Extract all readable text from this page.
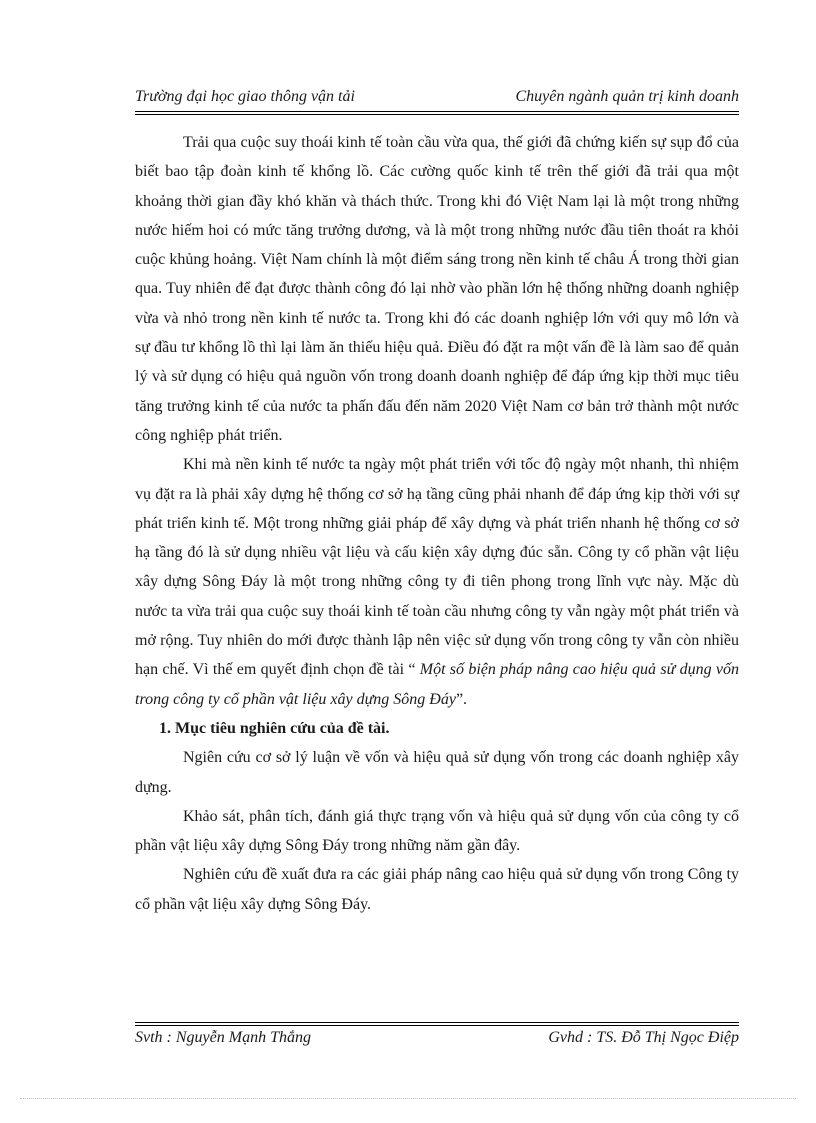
Trường đại học giao thông vận tải	Chuyên ngành quản trị kinh doanh

Trải qua cuộc suy thoái kinh tế toàn cầu vừa qua, thế giới đã chứng kiến sự sụp đổ của biết bao tập đoàn kinh tế khổng lồ. Các cường quốc kinh tế trên thế giới đã trải qua một khoảng thời gian đầy khó khăn và thách thức. Trong khi đó Việt Nam lại là một trong những nước hiếm hoi có mức tăng trưởng dương, và là một trong những nước đầu tiên thoát ra khỏi cuộc khủng hoảng. Việt Nam chính là một điểm sáng trong nền kinh tế châu Á trong thời gian qua. Tuy nhiên để đạt được thành công đó lại nhờ vào phần lớn hệ thống những doanh nghiệp vừa và nhỏ trong nền kinh tế nước ta. Trong khi đó các doanh nghiệp lớn với quy mô lớn và sự đầu tư khổng lồ thì lại làm ăn thiếu hiệu quả. Điều đó đặt ra một vấn đề là làm sao để quản lý và sử dụng có hiệu quả nguồn vốn trong doanh doanh nghiệp để đáp ứng kịp thời mục tiêu tăng trưởng kinh tế của nước ta phấn đấu đến năm 2020 Việt Nam cơ bản trở thành một nước công nghiệp phát triển.

Khi mà nền kinh tế nước ta ngày một phát triển với tốc độ ngày một nhanh, thì nhiệm vụ đặt ra là phải xây dựng hệ thống cơ sở hạ tầng cũng phải nhanh để đáp ứng kịp thời với sự phát triển kinh tế. Một trong những giải pháp để xây dựng và phát triển nhanh hệ thống cơ sở hạ tầng đó là sử dụng nhiều vật liệu và cấu kiện xây dựng đúc sẵn. Công ty cổ phần vật liệu xây dựng Sông Đáy là một trong những công ty đi tiên phong trong lĩnh vực này. Mặc dù nước ta vừa trải qua cuộc suy thoái kinh tế toàn cầu nhưng công ty vẫn ngày một phát triển và mở rộng. Tuy nhiên do mới được thành lập nên việc sử dụng vốn trong công ty vẫn còn nhiều hạn chế. Vì thế em quyết định chọn đề tài “ Một số biện pháp nâng cao hiệu quả sử dụng vốn trong công ty cổ phần vật liệu xây dựng Sông Đáy”.

1. Mục tiêu nghiên cứu của đề tài.

Ngiên cứu cơ sở lý luận về vốn và hiệu quả sử dụng vốn trong các doanh nghiệp xây dựng.

Khảo sát, phân tích, đánh giá thực trạng vốn và hiệu quả sử dụng vốn của công ty cổ phần vật liệu xây dựng Sông Đáy trong những năm gần đây.

Nghiên cứu đề xuất đưa ra các giải pháp nâng cao hiệu quả sử dụng vốn trong Công ty cổ phần vật liệu xây dựng Sông Đáy.

Svth : Nguyễn Mạnh Thắng	Gvhd : TS. Đỗ Thị Ngọc Điệp
